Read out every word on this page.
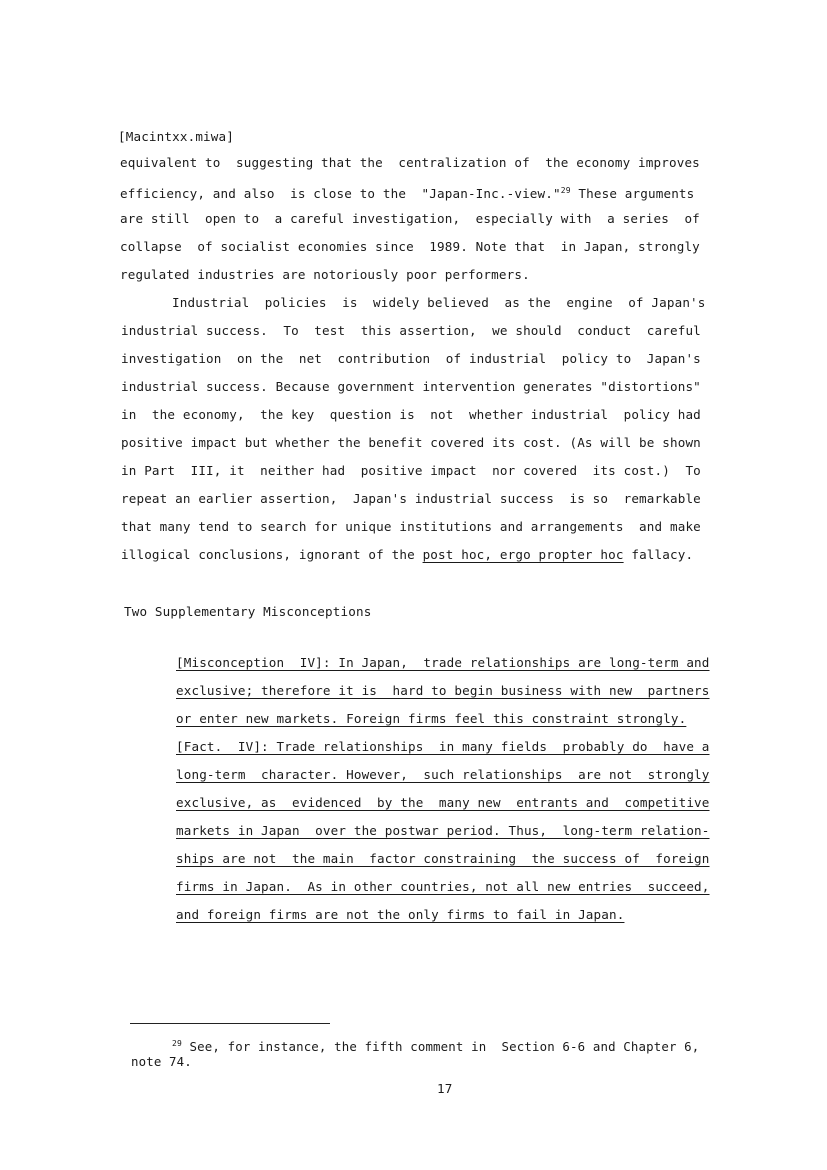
[Macintxx.miwa]
equivalent to  suggesting that the  centralization of  the economy improves
efficiency, and also  is close to the  "Japan-Inc.-view."$^{29}$ These arguments
are still  open to  a careful investigation,  especially with  a series  of
collapse  of socialist economies since  1989. Note that  in Japan, strongly
regulated industries are notoriously poor performers.
Industrial  policies  is  widely believed  as the  engine  of Japan's
industrial success.  To  test  this assertion,  we should  conduct  careful
investigation  on the  net  contribution  of industrial  policy to  Japan's
industrial success. Because government intervention generates "distortions"
in  the economy,  the key  question is  not  whether industrial  policy had
positive impact but whether the benefit covered its cost. (As will be shown
in Part  III, it  neither had  positive impact  nor covered  its cost.)  To
repeat an earlier assertion,  Japan's industrial success  is so  remarkable
that many tend to search for unique institutions and arrangements  and make
illogical conclusions, ignorant of the post hoc, ergo propter hoc fallacy.
Two Supplementary Misconceptions
[Misconception  IV]: In Japan,  trade relationships are long-term and
exclusive; therefore it is  hard to begin business with new  partners
or enter new markets. Foreign firms feel this constraint strongly.
[Fact.  IV]: Trade relationships  in many fields  probably do  have a
long-term  character. However,  such relationships  are not  strongly
exclusive, as  evidenced  by the  many new  entrants and  competitive
markets in Japan  over the postwar period. Thus,  long-term relation-
ships are not  the main  factor constraining  the success of  foreign
firms in Japan.  As in other countries, not all new entries  succeed,
and foreign firms are not the only firms to fail in Japan.
$^{29}$ See, for instance, the fifth comment in  Section 6-6 and Chapter 6,
note 74.
17
